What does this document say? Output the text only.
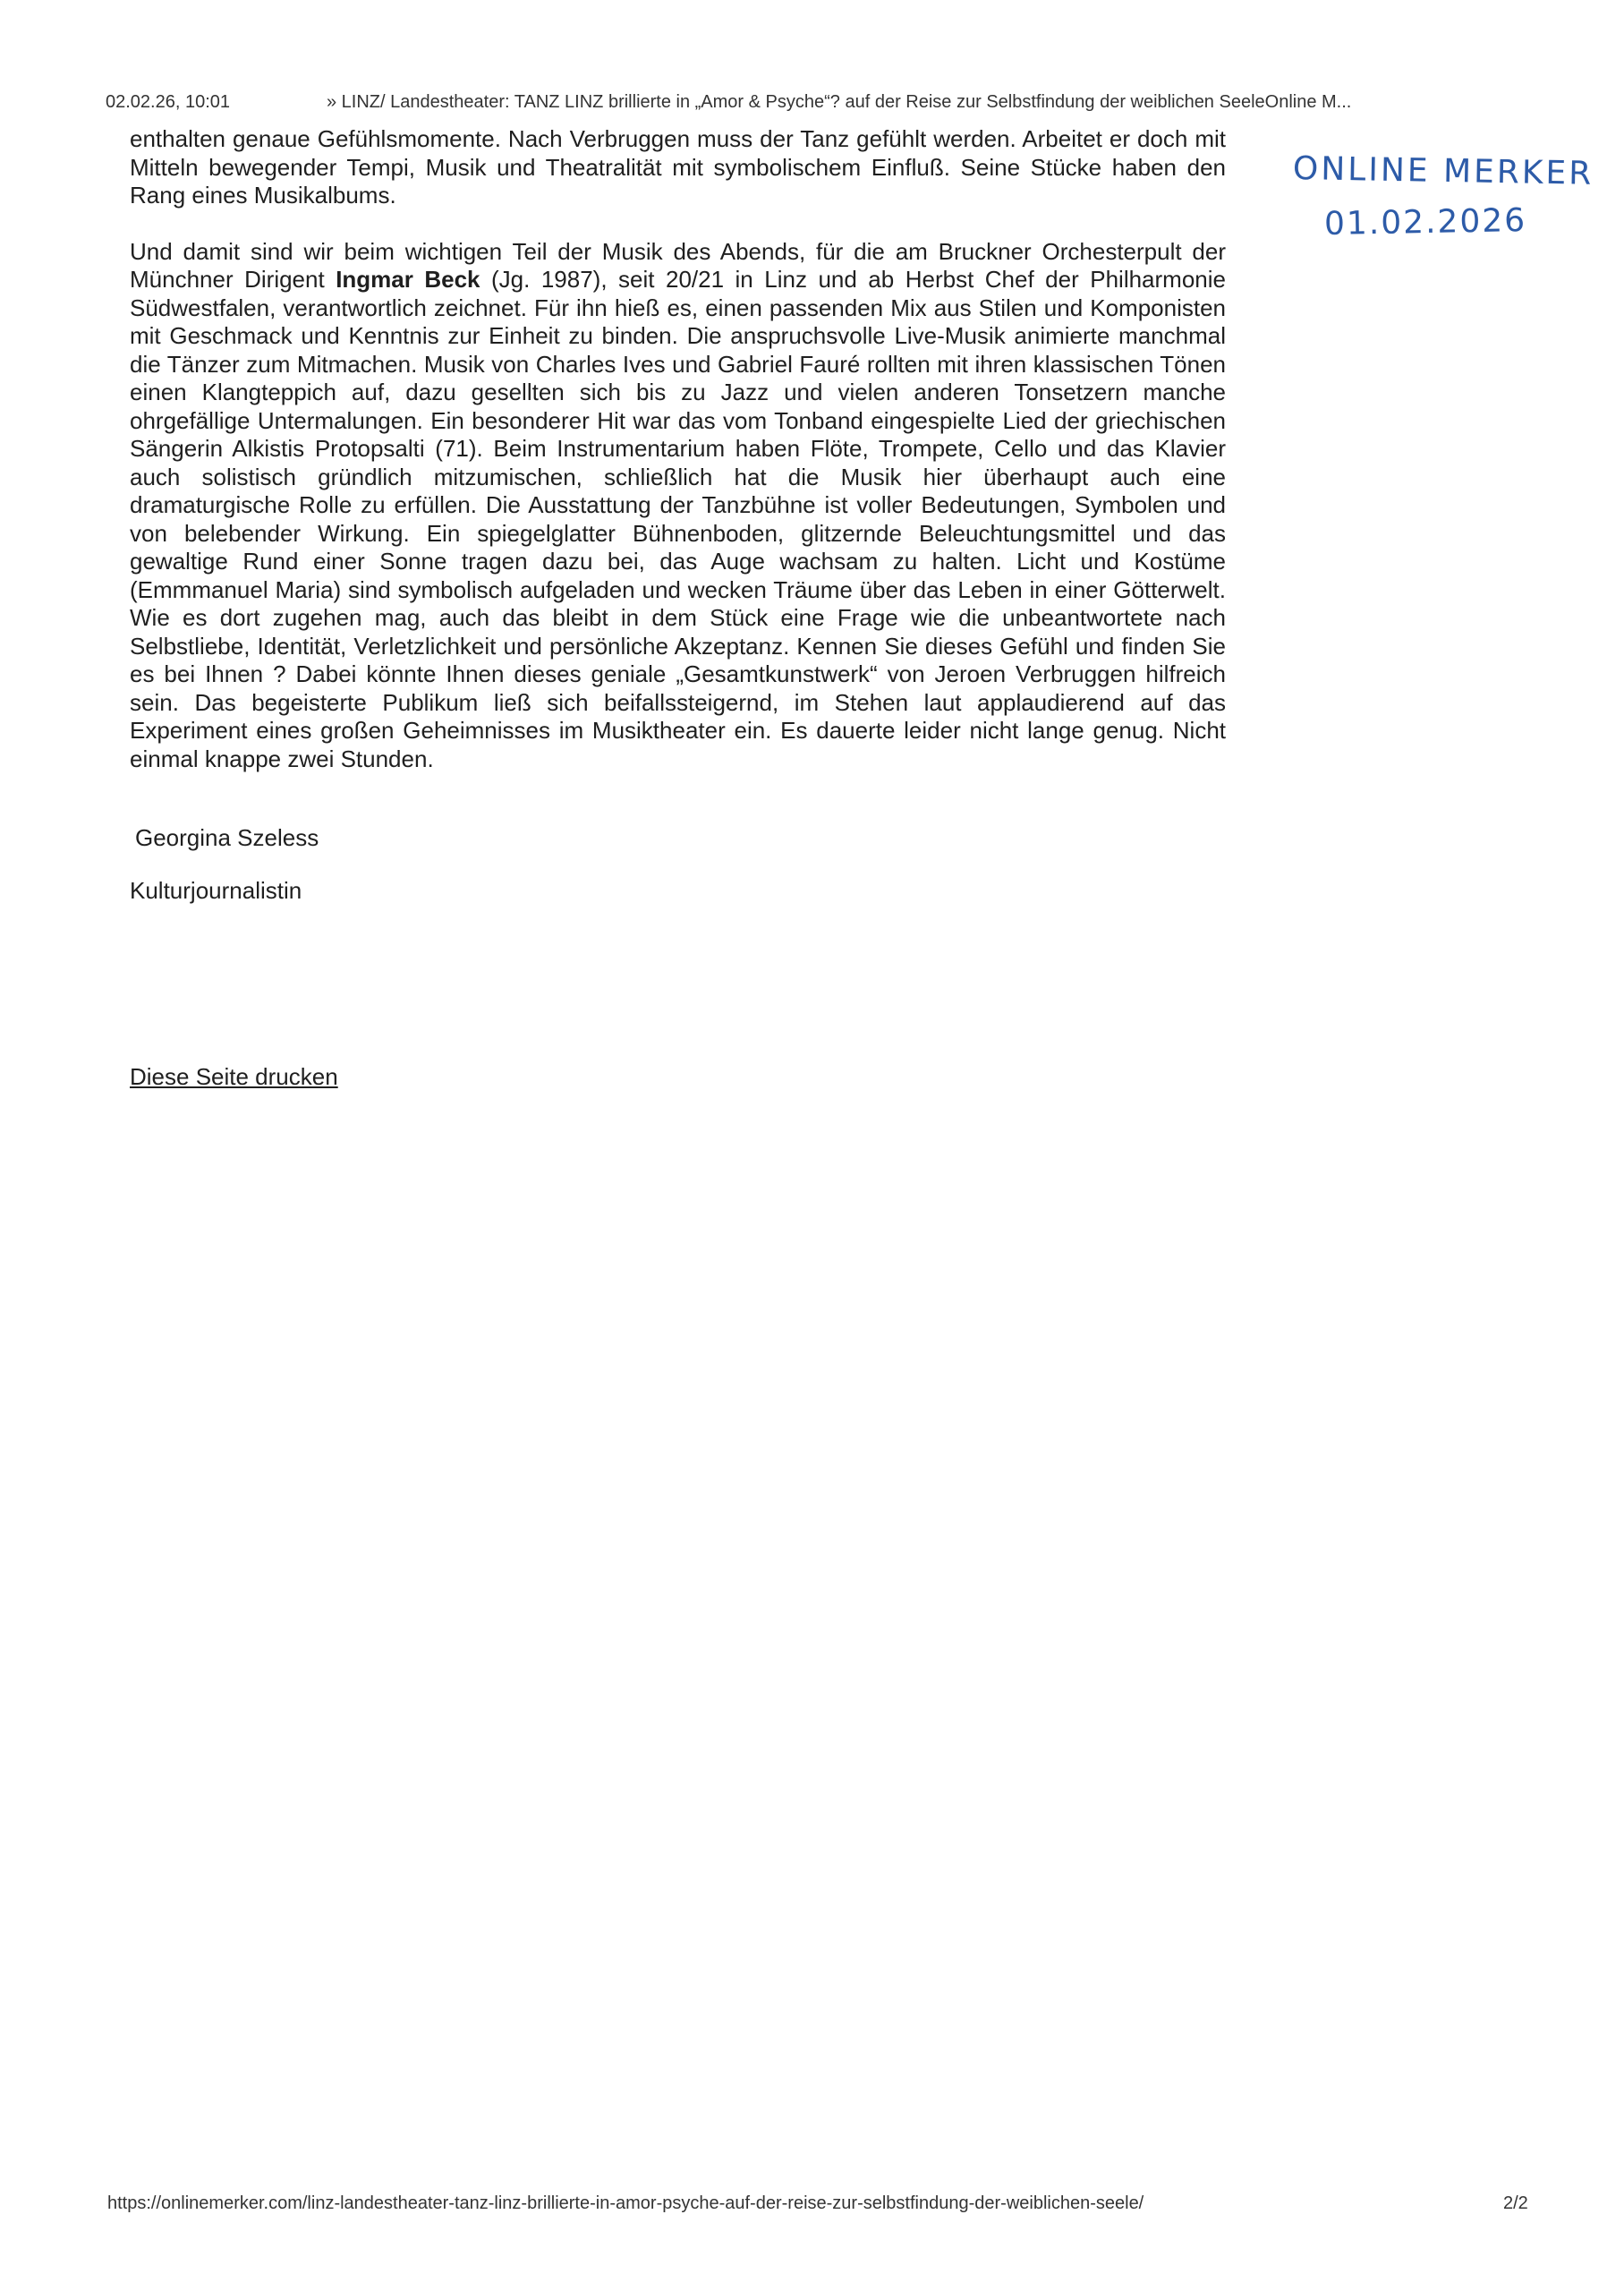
02.02.26, 10:01	» LINZ/ Landestheater: TANZ LINZ brillierte in „Amor & Psyche“? auf der Reise zur Selbstfindung der weiblichen SeeleOnline M...
ONLINE MERKER
01.02.2026

enthalten genaue Gefühlsmomente. Nach Verbruggen muss der Tanz gefühlt werden. Arbeitet er doch mit Mitteln bewegender Tempi, Musik und Theatralität mit symbolischem Einfluß. Seine Stücke haben den Rang eines Musikalbums.

Und damit sind wir beim wichtigen Teil der Musik des Abends, für die am Bruckner Orchesterpult der Münchner Dirigent Ingmar Beck (Jg. 1987), seit 20/21 in Linz und ab Herbst Chef der Philharmonie Südwestfalen, verantwortlich zeichnet. Für ihn hieß es, einen passenden Mix aus Stilen und Komponisten mit Geschmack und Kenntnis zur Einheit zu binden. Die anspruchsvolle Live-Musik animierte manchmal die Tänzer zum Mitmachen. Musik von Charles Ives und Gabriel Fauré rollten mit ihren klassischen Tönen einen Klangteppich auf, dazu gesellten sich bis zu Jazz und vielen anderen Tonsetzern manche ohrgefällige Untermalungen. Ein besonderer Hit war das vom Tonband eingespielte Lied der griechischen Sängerin Alkistis Protopsalti (71). Beim Instrumentarium haben Flöte, Trompete, Cello und das Klavier auch solistisch gründlich mitzumischen, schließlich hat die Musik hier überhaupt auch eine dramaturgische Rolle zu erfüllen. Die Ausstattung der Tanzbühne ist voller Bedeutungen, Symbolen und von belebender Wirkung. Ein spiegelglatter Bühnenboden, glitzernde Beleuchtungsmittel und das gewaltige Rund einer Sonne tragen dazu bei, das Auge wachsam zu halten. Licht und Kostüme (Emmmanuel Maria) sind symbolisch aufgeladen und wecken Träume über das Leben in einer Götterwelt. Wie es dort zugehen mag, auch das bleibt in dem Stück eine Frage wie die unbeantwortete nach Selbstliebe, Identität, Verletzlichkeit und persönliche Akzeptanz. Kennen Sie dieses Gefühl und finden Sie es bei Ihnen ? Dabei könnte Ihnen dieses geniale „Gesamtkunstwerk“ von Jeroen Verbruggen hilfreich sein. Das begeisterte Publikum ließ sich beifallssteigernd, im Stehen laut applaudierend auf das Experiment eines großen Geheimnisses im Musiktheater ein. Es dauerte leider nicht lange genug. Nicht einmal knappe zwei Stunden.

Georgina Szeless
Kulturjournalistin
Diese Seite drucken
https://onlinemerker.com/linz-landestheater-tanz-linz-brillierte-in-amor-psyche-auf-der-reise-zur-selbstfindung-der-weiblichen-seele/	2/2
